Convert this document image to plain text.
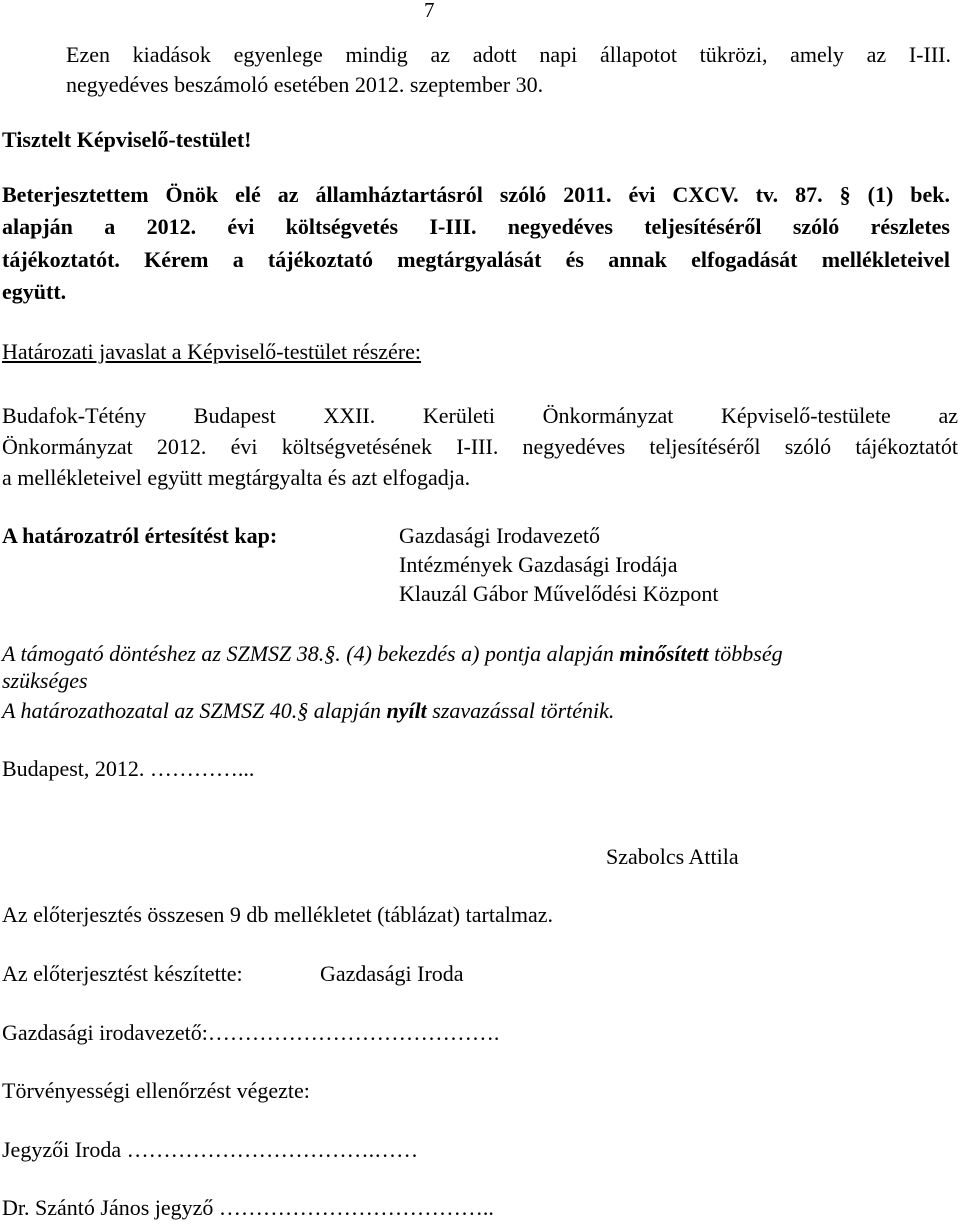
7
Ezen kiadások egyenlege mindig az adott napi állapotot tükrözi, amely az I-III.
negyedéves beszámoló esetében 2012. szeptember 30.
Tisztelt Képviselő-testület!
Beterjesztettem Önök elé az államháztartásról szóló 2011. évi CXCV. tv. 87. § (1) bek.
alapján a 2012. évi költségvetés I-III. negyedéves teljesítéséről szóló részletes
tájékoztatót. Kérem a tájékoztató megtárgyalását és annak elfogadását mellékleteivel
együtt.
Határozati javaslat a Képviselő-testület részére:
Budafok-Tétény Budapest XXII. Kerületi Önkormányzat Képviselő-testülete az
Önkormányzat 2012. évi költségvetésének I-III. negyedéves teljesítéséről szóló tájékoztatót
a mellékleteivel együtt megtárgyalta és azt elfogadja.
A határozatról értesítést kap:	Gazdasági Irodavezető
Intézmények Gazdasági Irodája
Klauzál Gábor Művelődési Központ
A támogató döntéshez az SZMSZ 38.§. (4) bekezdés a) pontja alapján minősített többség
szükséges
A határozathozatal az SZMSZ 40.§ alapján nyílt szavazással történik.
Budapest, 2012. …………...
Szabolcs Attila
Az előterjesztés összesen 9 db mellékletet (táblázat) tartalmaz.
Az előterjesztést készítette:	Gazdasági Iroda
Gazdasági irodavezető:………………………………….
Törvényességi ellenőrzést végezte:
Jegyzői Iroda …………………………….……
Dr. Szántó János jegyző ………………………………..
